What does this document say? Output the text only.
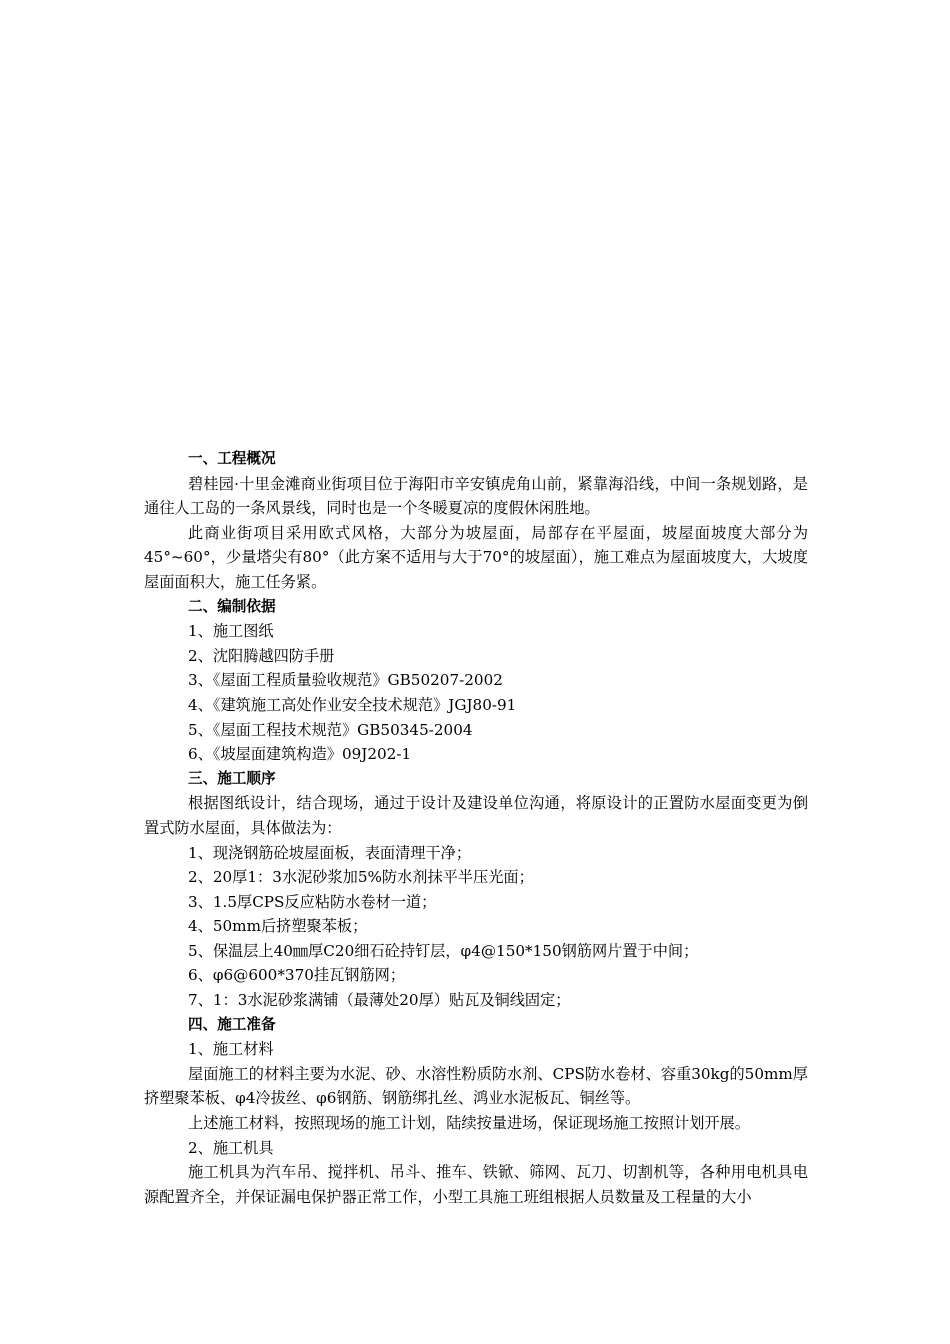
一、工程概况

碧桂园·十里金滩商业街项目位于海阳市辛安镇虎角山前，紧靠海沿线，中间一条规划路，是通往人工岛的一条风景线，同时也是一个冬暖夏凉的度假休闲胜地。

此商业街项目采用欧式风格，大部分为坡屋面，局部存在平屋面，坡屋面坡度大部分为45°~60°，少量塔尖有80°（此方案不适用与大于70°的坡屋面），施工难点为屋面坡度大，大坡度屋面面积大，施工任务紧。

二、编制依据

1、施工图纸

2、沈阳腾越四防手册

3、《屋面工程质量验收规范》GB50207-2002

4、《建筑施工高处作业安全技术规范》JGJ80-91

5、《屋面工程技术规范》GB50345-2004

6、《坡屋面建筑构造》09J202-1

三、施工顺序

根据图纸设计，结合现场，通过于设计及建设单位沟通，将原设计的正置防水屋面变更为倒置式防水屋面，具体做法为：

1、现浇钢筋砼坡屋面板，表面清理干净；

2、20厚1：3水泥砂浆加5%防水剂抹平半压光面；

3、1.5厚CPS反应粘防水卷材一道；

4、50mm后挤塑聚苯板；

5、保温层上40㎜厚C20细石砼持钉层，φ4@150*150钢筋网片置于中间；

6、φ6@600*370挂瓦钢筋网；

7、1：3水泥砂浆满铺（最薄处20厚）贴瓦及铜线固定；

四、施工准备

1、施工材料

屋面施工的材料主要为水泥、砂、水溶性粉质防水剂、CPS防水卷材、容重30kg的50mm厚挤塑聚苯板、φ4冷拔丝、φ6钢筋、钢筋绑扎丝、鸿业水泥板瓦、铜丝等。

上述施工材料，按照现场的施工计划，陆续按量进场，保证现场施工按照计划开展。

2、施工机具

施工机具为汽车吊、搅拌机、吊斗、推车、铁锨、筛网、瓦刀、切割机等，各种用电机具电源配置齐全，并保证漏电保护器正常工作，小型工具施工班组根据人员数量及工程量的大小
